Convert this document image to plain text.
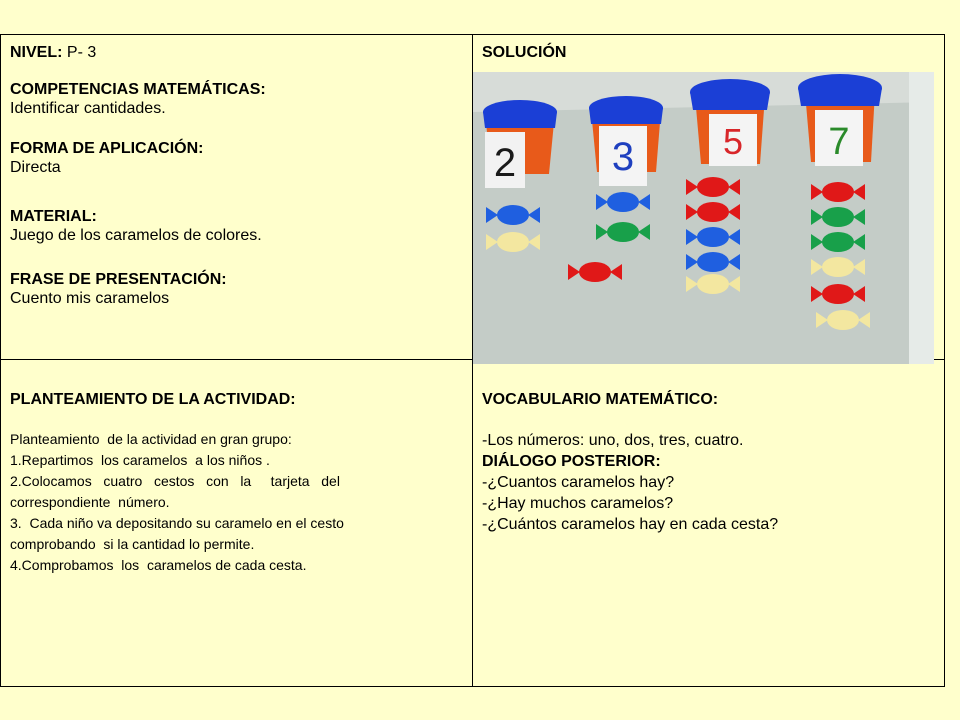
NIVEL: P- 3
COMPETENCIAS MATEMÁTICAS:
Identificar cantidades.
FORMA DE APLICACIÓN:
Directa
MATERIAL:
Juego de los caramelos de colores.
FRASE DE PRESENTACIÓN:
Cuento mis caramelos
SOLUCIÓN
2 3 5 7
PLANTEAMIENTO DE LA ACTIVIDAD:
Planteamiento  de la actividad en gran grupo:
1.Repartimos  los caramelos  a los niños .
2.Colocamos   cuatro   cestos   con   la     tarjeta   del
correspondiente  número.
3.  Cada niño va depositando su caramelo en el cesto
comprobando  si la cantidad lo permite.
4.Comprobamos  los  caramelos de cada cesta.
VOCABULARIO MATEMÁTICO:
-Los números: uno, dos, tres, cuatro.
DIÁLOGO POSTERIOR:
-¿Cuantos caramelos hay?
-¿Hay muchos caramelos?
-¿Cuántos caramelos hay en cada cesta?
